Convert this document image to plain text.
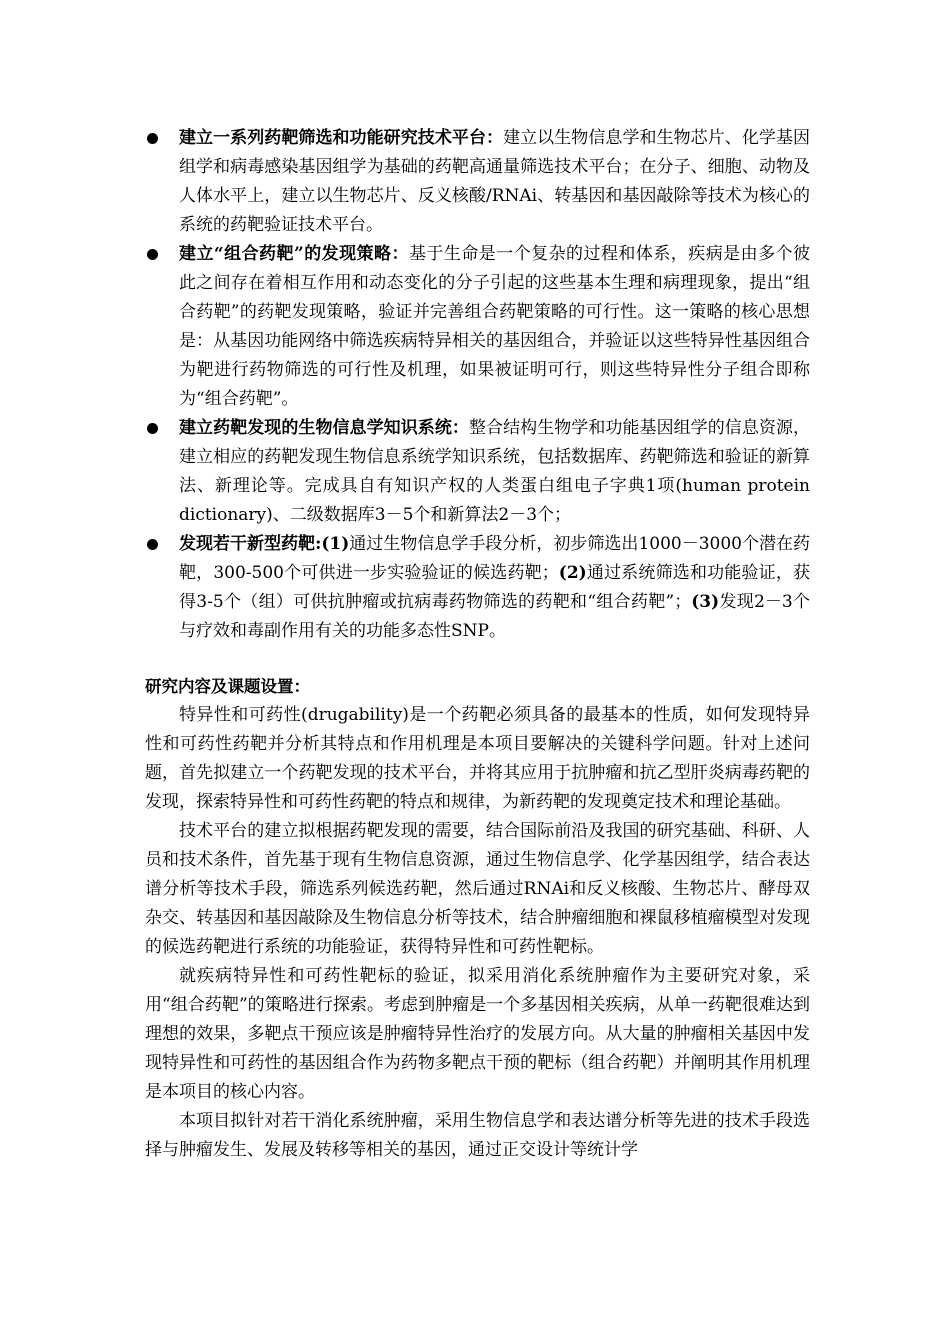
建立一系列药靶筛选和功能研究技术平台：建立以生物信息学和生物芯片、化学基因组学和病毒感染基因组学为基础的药靶高通量筛选技术平台；在分子、细胞、动物及人体水平上，建立以生物芯片、反义核酸/RNAi、转基因和基因敲除等技术为核心的系统的药靶验证技术平台。
建立“组合药靶”的发现策略：基于生命是一个复杂的过程和体系，疾病是由多个彼此之间存在着相互作用和动态变化的分子引起的这些基本生理和病理现象，提出“组合药靶”的药靶发现策略，验证并完善组合药靶策略的可行性。这一策略的核心思想是：从基因功能网络中筛选疾病特异相关的基因组合，并验证以这些特异性基因组合为靶进行药物筛选的可行性及机理，如果被证明可行，则这些特异性分子组合即称为“组合药靶”。
建立药靶发现的生物信息学知识系统：整合结构生物学和功能基因组学的信息资源，建立相应的药靶发现生物信息系统学知识系统，包括数据库、药靶筛选和验证的新算法、新理论等。完成具自有知识产权的人类蛋白组电子字典1项(human protein dictionary)、二级数据库3－5个和新算法2－3个；
发现若干新型药靶:(1)通过生物信息学手段分析，初步筛选出1000－3000个潜在药靶，300-500个可供进一步实验验证的候选药靶；(2)通过系统筛选和功能验证，获得3-5个（组）可供抗肿瘤或抗病毒药物筛选的药靶和“组合药靶”；(3)发现2－3个与疗效和毒副作用有关的功能多态性SNP。
研究内容及课题设置：

特异性和可药性(drugability)是一个药靶必须具备的最基本的性质，如何发现特异性和可药性药靶并分析其特点和作用机理是本项目要解决的关键科学问题。针对上述问题，首先拟建立一个药靶发现的技术平台，并将其应用于抗肿瘤和抗乙型肝炎病毒药靶的发现，探索特异性和可药性药靶的特点和规律，为新药靶的发现奠定技术和理论基础。

技术平台的建立拟根据药靶发现的需要，结合国际前沿及我国的研究基础、科研、人员和技术条件，首先基于现有生物信息资源，通过生物信息学、化学基因组学，结合表达谱分析等技术手段，筛选系列候选药靶，然后通过RNAi和反义核酸、生物芯片、酵母双杂交、转基因和基因敲除及生物信息分析等技术，结合肿瘤细胞和裸鼠移植瘤模型对发现的候选药靶进行系统的功能验证，获得特异性和可药性靶标。

就疾病特异性和可药性靶标的验证，拟采用消化系统肿瘤作为主要研究对象，采用“组合药靶”的策略进行探索。考虑到肿瘤是一个多基因相关疾病，从单一药靶很难达到理想的效果，多靶点干预应该是肿瘤特异性治疗的发展方向。从大量的肿瘤相关基因中发现特异性和可药性的基因组合作为药物多靶点干预的靶标（组合药靶）并阐明其作用机理是本项目的核心内容。

本项目拟针对若干消化系统肿瘤，采用生物信息学和表达谱分析等先进的技术手段选择与肿瘤发生、发展及转移等相关的基因，通过正交设计等统计学
